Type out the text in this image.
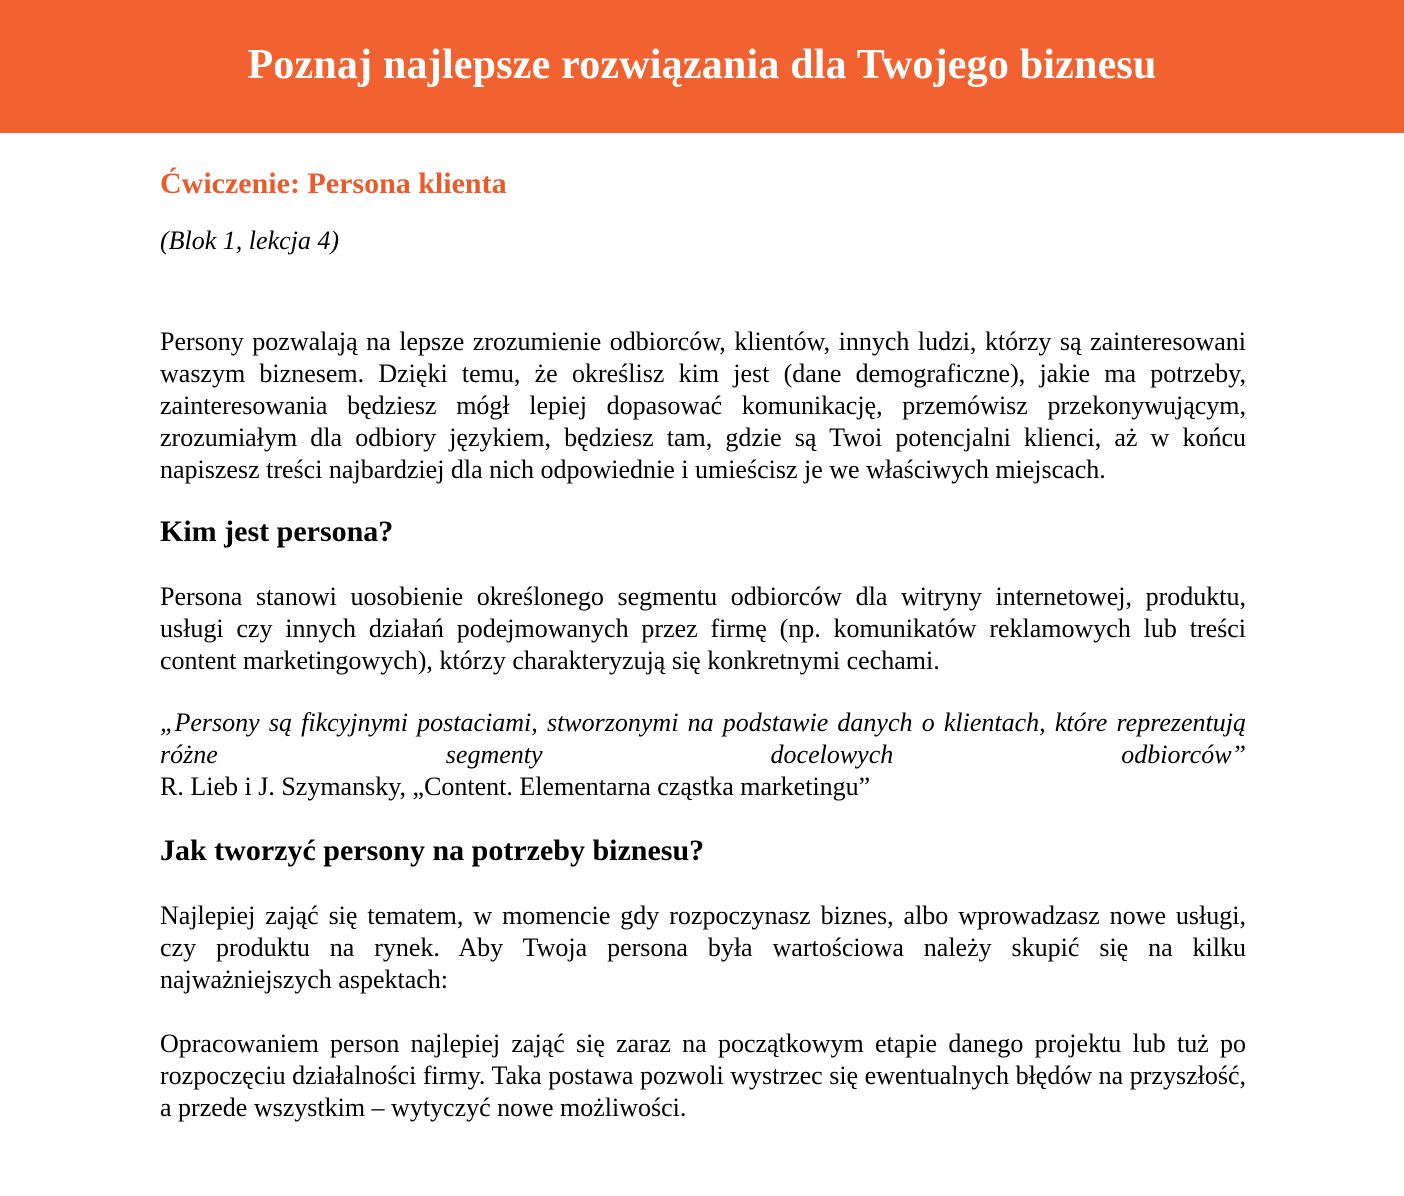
Poznaj najlepsze rozwiązania dla Twojego biznesu
Ćwiczenie: Persona klienta

(Blok 1, lekcja 4)

Persony pozwalają na lepsze zrozumienie odbiorców, klientów, innych ludzi, którzy są zainteresowani waszym biznesem. Dzięki temu, że określisz kim jest (dane demograficzne), jakie ma potrzeby, zainteresowania będziesz mógł lepiej dopasować komunikację, przemówisz przekonywującym, zrozumiałym dla odbiory językiem, będziesz tam, gdzie są Twoi potencjalni klienci, aż w końcu napiszesz treści najbardziej dla nich odpowiednie i umieścisz je we właściwych miejscach.

Kim jest persona?

Persona stanowi uosobienie określonego segmentu odbiorców dla witryny internetowej, produktu, usługi czy innych działań podejmowanych przez firmę (np. komunikatów reklamowych lub treści content marketingowych), którzy charakteryzują się konkretnymi cechami.

„Persony są fikcyjnymi postaciami, stworzonymi na podstawie danych o klientach, które reprezentują różne segmenty docelowych odbiorców”

R. Lieb i J. Szymansky, „Content. Elementarna cząstka marketingu”

Jak tworzyć persony na potrzeby biznesu?

Najlepiej zająć się tematem, w momencie gdy rozpoczynasz biznes, albo wprowadzasz nowe usługi, czy produktu na rynek. Aby Twoja persona była wartościowa należy skupić się na kilku najważniejszych aspektach:

Opracowaniem person najlepiej zająć się zaraz na początkowym etapie danego projektu lub tuż po rozpoczęciu działalności firmy. Taka postawa pozwoli wystrzec się ewentualnych błędów na przyszłość, a przede wszystkim – wytyczyć nowe możliwości.
